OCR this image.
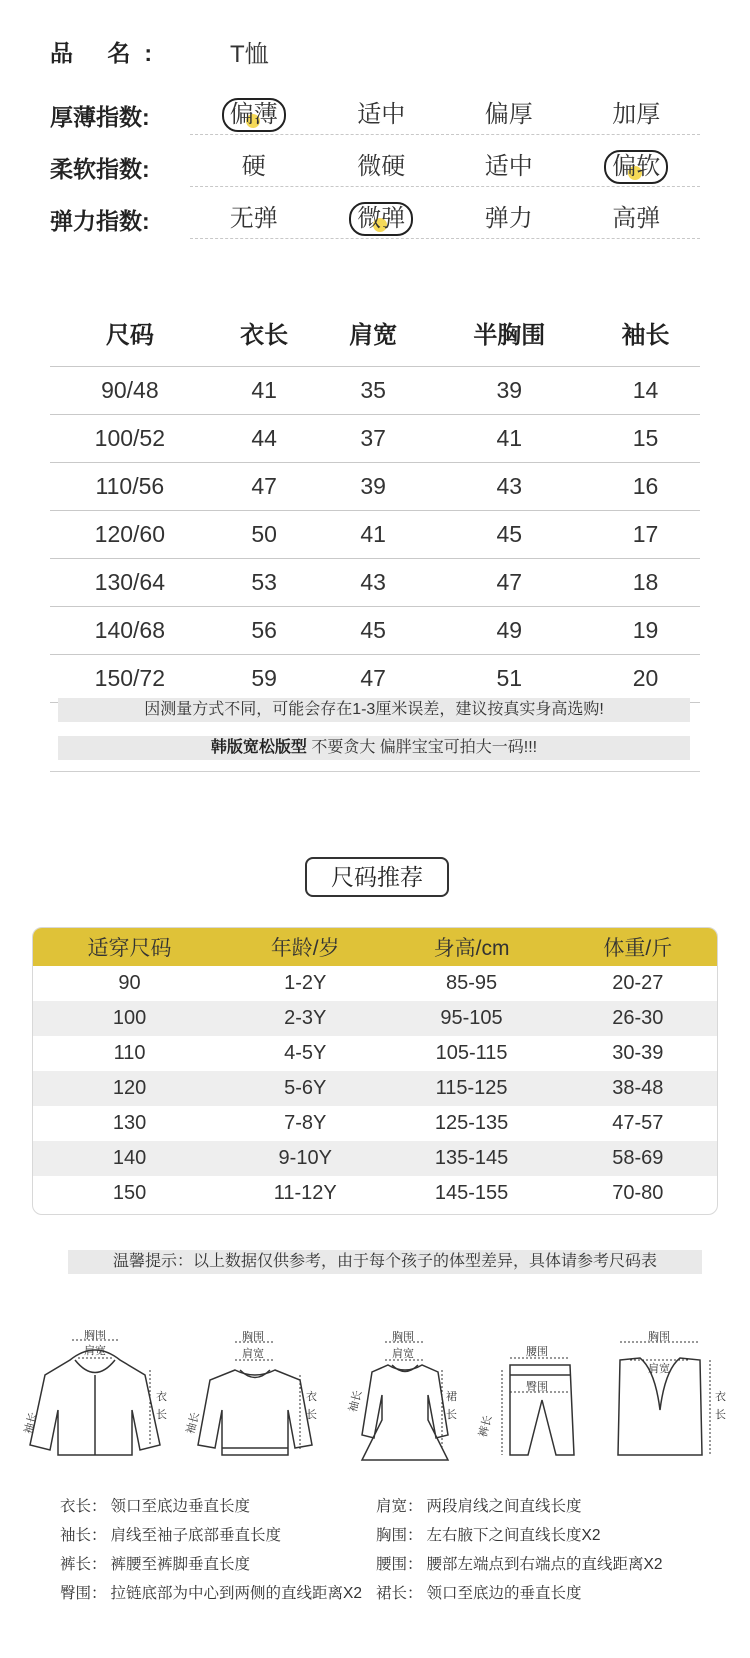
品 名:	T恤
厚薄指数:	偏薄	适中	偏厚	加厚
柔软指数:	硬	微硬	适中	偏软
弹力指数:	无弹	微弹	弹力	高弹
尺码	衣长	肩宽	半胸围	袖长
90/48	41	35	39	14
100/52	44	37	41	15
110/56	47	39	43	16
120/60	50	41	45	17
130/64	53	43	47	18
140/68	56	45	49	19
150/72	59	47	51	20
因测量方式不同，可能会存在1-3厘米误差，建议按真实身高选购!
韩版宽松版型 不要贪大 偏胖宝宝可拍大一码!!!
尺码推荐
适穿尺码	年龄/岁	身高/cm	体重/斤
90	1-2Y	85-95	20-27
100	2-3Y	95-105	26-30
110	4-5Y	105-115	30-39
120	5-6Y	115-125	38-48
130	7-8Y	125-135	47-57
140	9-10Y	135-145	58-69
150	11-12Y	145-155	70-80
温馨提示：以上数据仅供参考，由于每个孩子的体型差异，具体请参考尺码表
胸围
肩宽
袖长
衣
长
胸围
肩宽
袖长
衣
长
胸围
肩宽
袖长	裙
长
腰围
臀围
裤长
胸围
肩宽
衣
长
衣长： 领口至底边垂直长度	肩宽： 两段肩线之间直线长度
袖长： 肩线至袖子底部垂直长度	胸围： 左右腋下之间直线长度X2
裤长： 裤腰至裤脚垂直长度	腰围： 腰部左端点到右端点的直线距离X2
臀围： 拉链底部为中心到两侧的直线距离X2 裙长： 领口至底边的垂直长度
